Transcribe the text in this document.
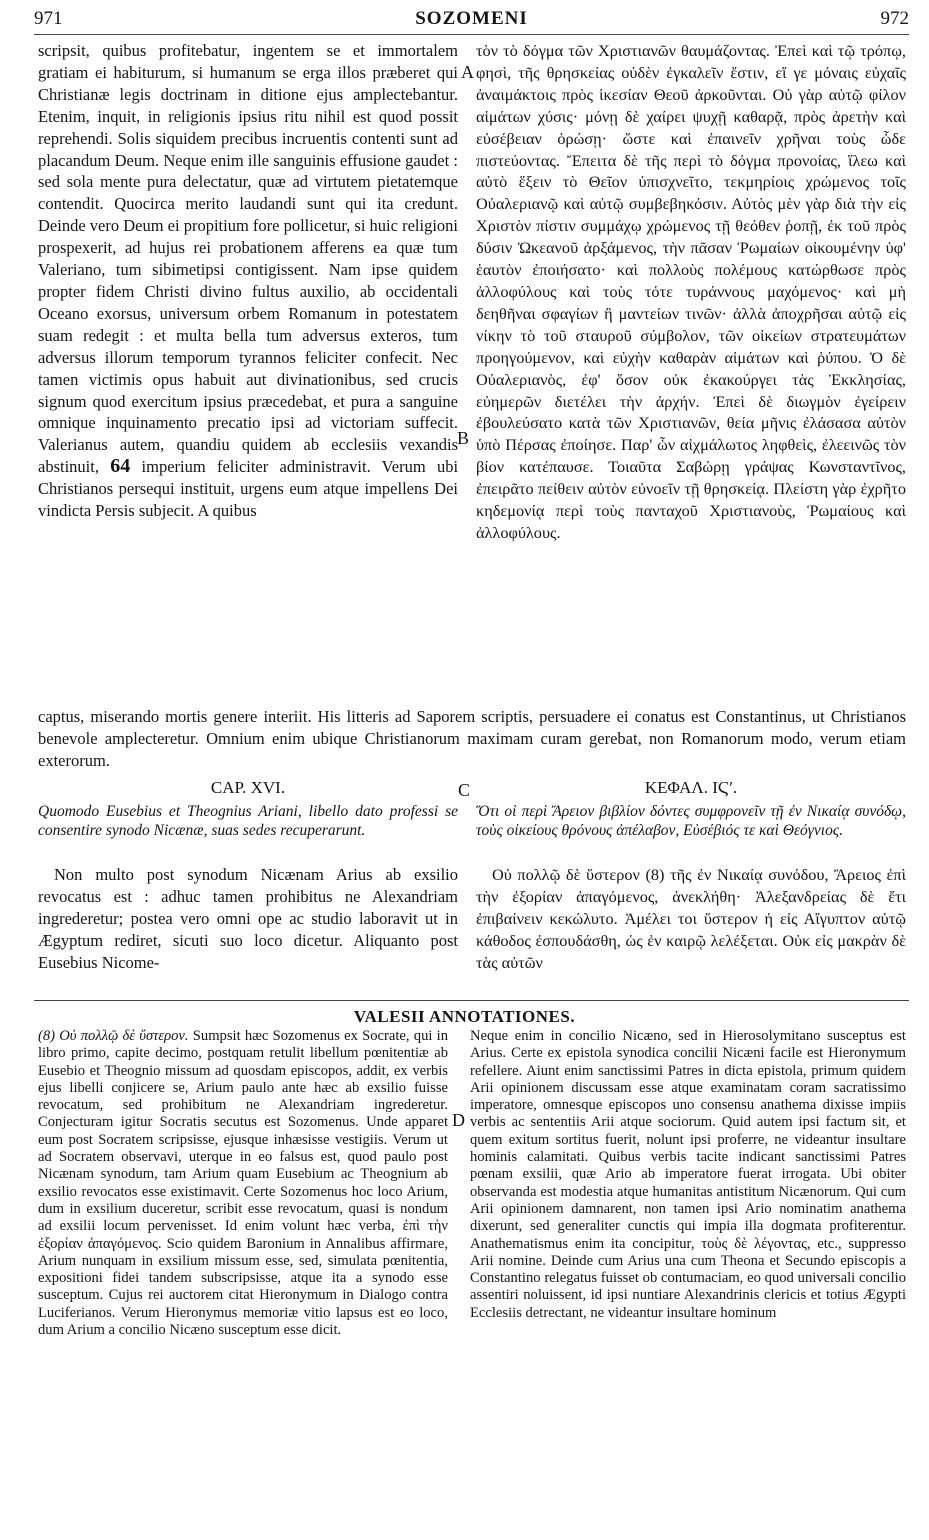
971	SOZOMENI	972

scripsit, quibus profitebatur, ingentem se et immortalem gratiam ei habiturum, si humanum se erga illos præberet qui Christianæ legis doctrinam in ditione ejus amplectebantur. Etenim, inquit, in religionis ipsius ritu nihil est quod possit reprehendi. Solis siquidem precibus incruentis contenti sunt ad placandum Deum. Neque enim ille sanguinis effusione gaudet : sed sola mente pura delectatur, quæ ad virtutem pietatemque contendit. Quocirca merito laudandi sunt qui ita credunt. Deinde vero Deum ei propitium fore pollicetur, si huic religioni prospexerit, ad hujus rei probationem afferens ea quæ tum Valeriano, tum sibimetipsi contigissent. Nam ipse quidem propter fidem Christi divino fultus auxilio, ab occidentali Oceano exorsus, universum orbem Romanum in potestatem suam redegit : et multa bella tum adversus exteros, tum adversus illorum temporum tyrannos feliciter confecit. Nec tamen victimis opus habuit aut divinationibus, sed crucis signum quod exercitum ipsius præcedebat, et pura a sanguine omnique inquinamento precatio ipsi ad victoriam suffecit. Valerianus autem, quandiu quidem ab ecclesiis vexandis abstinuit, 64 imperium feliciter administravit. Verum ubi Christianos persequi instituit, urgens eum atque impellens Dei vindicta Persis subjecit. A quibus

A
B

τὸν τὸ δόγμα τῶν Χριστιανῶν θαυμάζοντας. Ἐπεὶ καὶ τῷ τρόπῳ, φησὶ, τῆς θρησκείας οὐδὲν ἐγκαλεῖν ἔστιν, εἴ γε μόναις εὐχαῖς ἀναιμάκτοις πρὸς ἱκεσίαν Θεοῦ ἀρκοῦνται. Οὐ γὰρ αὐτῷ φίλον αἱμάτων χύσις· μόνῃ δὲ χαίρει ψυχῇ καθαρᾷ, πρὸς ἀρετὴν καὶ εὐσέβειαν ὁρώσῃ· ὥστε καὶ ἐπαινεῖν χρῆναι τοὺς ὧδε πιστεύοντας. Ἔπειτα δὲ τῆς περὶ τὸ δόγμα προνοίας, ἵλεω καὶ αὐτὸ ἕξειν τὸ Θεῖον ὑπισχνεῖτο, τεκμηρίοις χρώμενος τοῖς Οὐαλεριανῷ καὶ αὐτῷ συμβεβηκόσιν. Αὐτὸς μὲν γὰρ διὰ τὴν εἰς Χριστὸν πίστιν συμμάχῳ χρώμενος τῇ θεόθεν ῥοπῇ, ἐκ τοῦ πρὸς δύσιν Ὠκεανοῦ ἀρξάμενος, τὴν πᾶσαν Ῥωμαίων οἰκουμένην ὑφ' ἑαυτὸν ἐποιήσατο· καὶ πολλοὺς πολέμους κατώρθωσε πρὸς ἀλλοφύλους καὶ τοὺς τότε τυράννους μαχόμενος· καὶ μὴ δεηθῆναι σφαγίων ἢ μαντείων τινῶν· ἀλλὰ ἀποχρῆσαι αὐτῷ εἰς νίκην τὸ τοῦ σταυροῦ σύμβολον, τῶν οἰκείων στρατευμάτων προηγούμενον, καὶ εὐχὴν καθαρὰν αἱμάτων καὶ ῥύπου. Ὁ δὲ Οὐαλεριανὸς, ἐφ' ὅσον οὐκ ἐκακούργει τὰς Ἐκκλησίας, εὐημερῶν διετέλει τὴν ἀρχήν. Ἐπεὶ δὲ διωγμὸν ἐγείρειν ἐβουλεύσατο κατὰ τῶν Χριστιανῶν, θεία μῆνις ἐλάσασα αὐτὸν ὑπὸ Πέρσας ἐποίησε. Παρ' ὧν αἰχμάλωτος ληφθεὶς, ἐλεεινῶς τὸν βίον κατέπαυσε. Τοιαῦτα Σαβώρῃ γράψας Κωνσταντῖνος, ἐπειρᾶτο πείθειν αὐτὸν εὐνοεῖν τῇ θρησκείᾳ. Πλείστη γὰρ ἐχρῆτο κηδεμονίᾳ περὶ τοὺς πανταχοῦ Χριστιανοὺς, Ῥωμαίους καὶ ἀλλοφύλους.

captus, miserando mortis genere interiit. His litteris ad Saporem scriptis, persuadere ei conatus est Constantinus, ut Christianos benevole amplecteretur. Omnium enim ubique Christianorum maximam curam gerebat, non Romanorum modo, verum etiam exterorum.

CAP. XVI.	C	ΚΕΦΑΛ. ΙϚʹ.
Quomodo Eusebius et Theognius Ariani, libello dato professi se consentire synodo Nicænæ, suas sedes recuperarunt.
Ὅτι οἱ περὶ Ἄρειον βιβλίον δόντες συμφρονεῖν τῇ ἐν Νικαίᾳ συνόδῳ, τοὺς οἰκείους θρόνους ἀπέλαβον, Εὐσέβιός τε καὶ Θεόγνιος.

Non multo post synodum Nicænam Arius ab exsilio revocatus est : adhuc tamen prohibitus ne Alexandriam ingrederetur; postea vero omni ope ac studio laboravit ut in Ægyptum rediret, sicuti suo loco dicetur. Aliquanto post Eusebius Nicome-

Οὐ πολλῷ δὲ ὕστερον (8) τῆς ἐν Νικαίᾳ συνόδου, Ἄρειος ἐπὶ τὴν ἐξορίαν ἀπαγόμενος, ἀνεκλήθη· Ἀλεξανδρείας δὲ ἔτι ἐπιβαίνειν κεκώλυτο. Ἀμέλει τοι ὕστερον ἡ εἰς Αἴγυπτον αὐτῷ κάθοδος ἐσπουδάσθη, ὡς ἐν καιρῷ λελέξεται. Οὐκ εἰς μακρὰν δὲ τὰς αὐτῶν

VALESII ANNOTATIONES.

(8) Οὐ πολλῷ δὲ ὕστερον. Sumpsit hæc Sozomenus ex Socrate, qui in libro primo, capite decimo, postquam retulit libellum pœnitentiæ ab Eusebio et Theognio missum ad quosdam episcopos, addit, ex verbis ejus libelli conjicere se, Arium paulo ante hæc ab exsilio fuisse revocatum, sed prohibitum ne Alexandriam ingrederetur. Conjecturam igitur Socratis secutus est Sozomenus. Unde apparet eum post Socratem scripsisse, ejusque inhæsisse vestigiis. Verum ut ad Socratem observavi, uterque in eo falsus est, quod paulo post Nicænam synodum, tam Arium quam Eusebium ac Theognium ab exsilio revocatos esse existimavit. Certe Sozomenus hoc loco Arium, dum in exsilium duceretur, scribit esse revocatum, quasi is nondum ad exsilii locum pervenisset. Id enim volunt hæc verba, ἐπὶ τὴν ἐξορίαν ἀπαγόμενος. Scio quidem Baronium in Annalibus affirmare, Arium nunquam in exsilium missum esse, sed, simulata pœnitentia, expositioni fidei tandem subscripsisse, atque ita a synodo esse susceptum. Cujus rei auctorem citat Hieronymum in Dialogo contra Luciferianos. Verum Hieronymus memoriæ vitio lapsus est eo loco, dum Arium a concilio Nicæno susceptum esse dicit.

D

Neque enim in concilio Nicæno, sed in Hierosolymitano susceptus est Arius. Certe ex epistola synodica concilii Nicæni facile est Hieronymum refellere. Aiunt enim sanctissimi Patres in dicta epistola, primum quidem Arii opinionem discussam esse atque examinatam coram sacratissimo imperatore, omnesque episcopos uno consensu anathema dixisse impiis verbis ac sententiis Arii atque sociorum. Quid autem ipsi factum sit, et quem exitum sortitus fuerit, nolunt ipsi proferre, ne videantur insultare hominis calamitati. Quibus verbis tacite indicant sanctissimi Patres pœnam exsilii, quæ Ario ab imperatore fuerat irrogata. Ubi obiter observanda est modestia atque humanitas antistitum Nicænorum. Qui cum Arii opinionem damnarent, non tamen ipsi Ario nominatim anathema dixerunt, sed generaliter cunctis qui impia illa dogmata profiterentur. Anathematismus enim ita concipitur, τοὺς δὲ λέγοντας, etc., suppresso Arii nomine. Deinde cum Arius una cum Theona et Secundo episcopis a Constantino relegatus fuisset ob contumaciam, eo quod universali concilio assentiri noluissent, id ipsi nuntiare Alexandrinis clericis et totius Ægypti Ecclesiis detrectant, ne videantur insultare hominum
